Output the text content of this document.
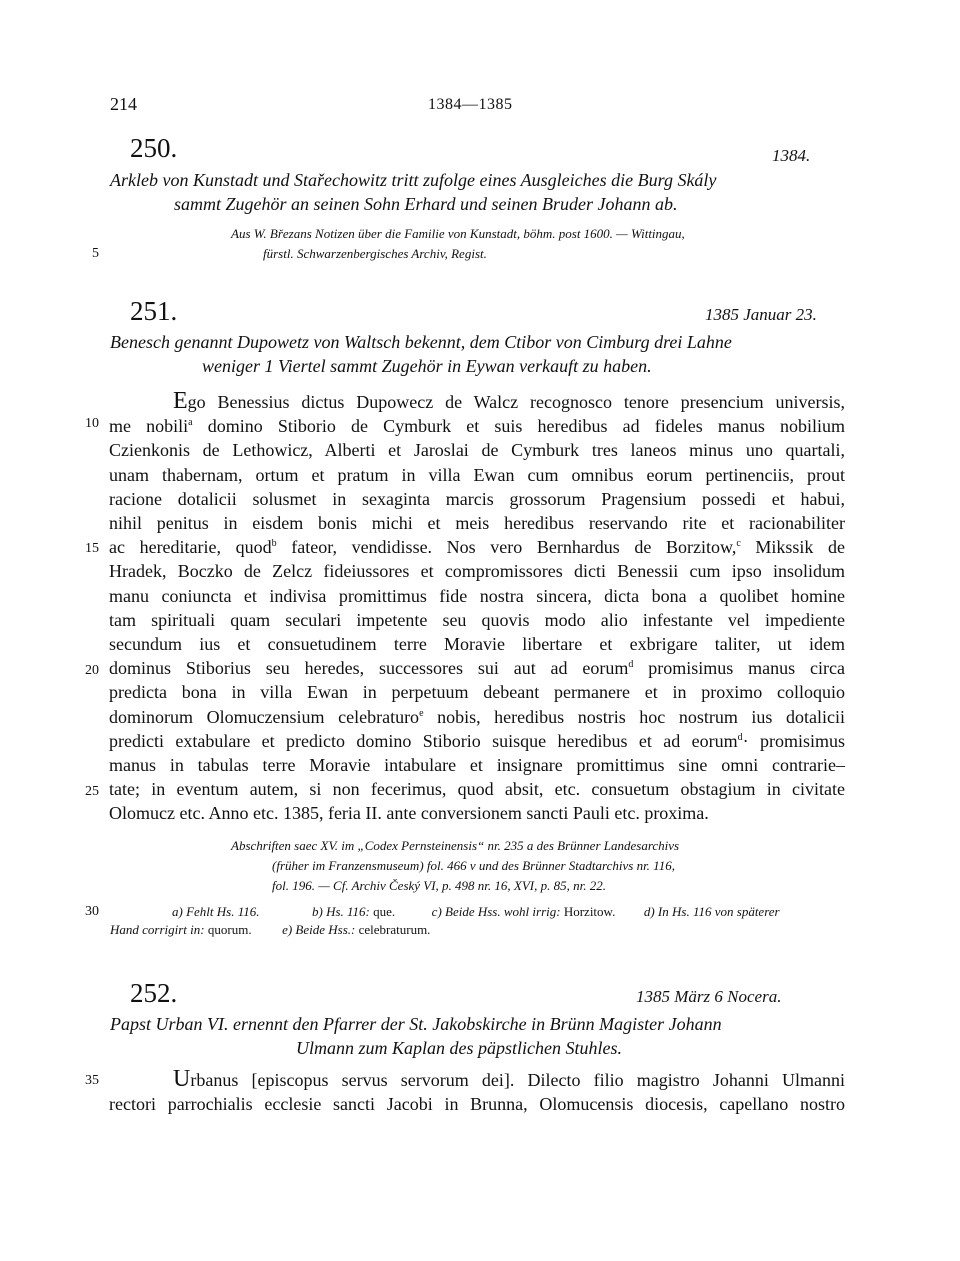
214	1384—1385
5
10
15
20
25
30
35
250.	1384.
Arkleb von Kunstadt und Stařechowitz tritt zufolge eines Ausgleiches die Burg Skály
sammt Zugehör an seinen Sohn Erhard und seinen Bruder Johann ab.
Aus W. Březans Notizen über die Familie von Kunstadt, böhm. post 1600. — Wittingau,
fürstl. Schwarzenbergisches Archiv, Regist.
251.	1385 Januar 23.
Benesch genannt Dupowetz von Waltsch bekennt, dem Ctibor von Cimburg drei Lahne
weniger 1 Viertel sammt Zugehör in Eywan verkauft zu haben.
Ego Benessius dictus Dupowecz de Walcz recognosco tenore presencium universis,
me nobili$^a$ domino Stiborio de Cymburk et suis heredibus ad fideles manus nobilium
Czienkonis de Lethowicz, Alberti et Jaroslai de Cymburk tres laneos minus uno quartali,
unam thabernam, ortum et pratum in villa Ewan cum omnibus eorum pertinenciis, prout
racione dotalicii solusmet in sexaginta marcis grossorum Pragensium possedi et habui,
nihil penitus in eisdem bonis michi et meis heredibus reservando rite et racionabiliter
ac hereditarie, quod$^b$ fateor, vendidisse. Nos vero Bernhardus de Borzitow,$^c$ Mikssik de
Hradek, Boczko de Zelcz fideiussores et compromissores dicti Benessii cum ipso insolidum
manu coniuncta et indivisa promittimus fide nostra sincera, dicta bona a quolibet homine
tam spirituali quam seculari impetente seu quovis modo alio infestante vel impediente
secundum ius et consuetudinem terre Moravie libertare et exbrigare taliter, ut idem
dominus Stiborius seu heredes, successores sui aut ad eorum$^d$ promisimus manus circa
predicta bona in villa Ewan in perpetuum debeant permanere et in proximo colloquio
dominorum Olomuczensium celebraturo$^e$ nobis, heredibus nostris hoc nostrum ius dotalicii
predicti extabulare et predicto domino Stiborio suisque heredibus et ad eorum$^d$· promisimus
manus in tabulas terre Moravie intabulare et insignare promittimus sine omni contrarie–
tate; in eventum autem, si non fecerimus, quod absit, etc. consuetum obstagium in civitate
Olomucz etc. Anno etc. 1385, feria II. ante conversionem sancti Pauli etc. proxima.
Abschriften saec XV. im „Codex Pernsteinensis“ nr. 235 a des Brünner Landesarchivs
(früher im Franzensmuseum) fol. 466 v und des Brünner Stadtarchivs nr. 116,
fol. 196. — Cf. Archiv Český VI, p. 498 nr. 16, XVI, p. 85, nr. 22.
a) Fehlt Hs. 116.	b) Hs. 116: que.	c) Beide Hss. wohl irrig: Horzitow. d) In Hs. 116 von späterer
Hand corrigirt in: quorum. e) Beide Hss.: celebraturum.
252.	1385 März 6 Nocera.
Papst Urban VI. ernennt den Pfarrer der St. Jakobskirche in Brünn Magister Johann
Ulmann zum Kaplan des päpstlichen Stuhles.
Urbanus [episcopus servus servorum dei]. Dilecto filio magistro Johanni Ulmanni
rectori parrochialis ecclesie sancti Jacobi in Brunna, Olomucensis diocesis, capellano nostro
